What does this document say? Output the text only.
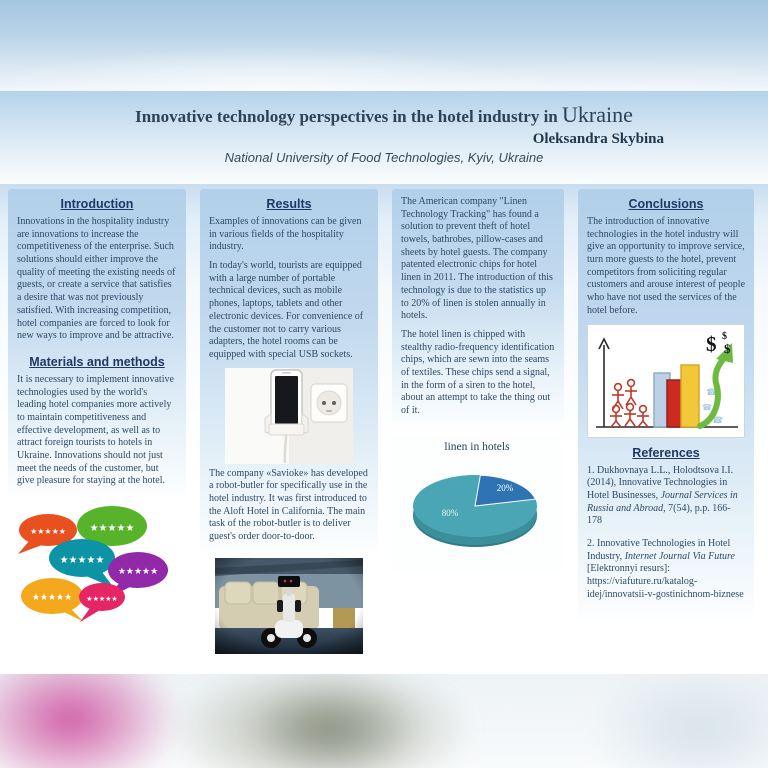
Innovative technology perspectives in the hotel industry in Ukraine
Oleksandra Skybina
National University of Food Technologies, Kyiv, Ukraine
Introduction

Innovations in the hospitality industry are innovations to increase the competitiveness of the enterprise. Such solutions should either improve the quality of meeting the existing needs of guests, or create a service that satisfies a desire that was not previously satisfied. With increasing competition, hotel companies are forced to look for new ways to improve and be attractive.

Materials and methods

It is necessary to implement innovative technologies used by the world's leading hotel companies more actively to maintain competitiveness and effective development, as well as to attract foreign tourists to hotels in Ukraine. Innovations should not just meet the needs of the customer, but give pleasure for staying at the hotel.

★★★★★ ★★★★★
★★★★★
★★★★★
★★★★★ ★★★★★
Results

Examples of innovations can be given in various fields of the hospitality industry.

In today's world, tourists are equipped with a large number of portable technical devices, such as mobile phones, laptops, tablets and other electronic devices. For convenience of the customer not to carry various adapters, the hotel rooms can be equipped with special USB sockets.

The company «Savioke» has developed a robot-butler for specifically use in the hotel industry. It was first introduced to the Aloft Hotel in California. The main task of the robot-butler is to deliver guest's order door-to-door.

The American company "Linen Technology Tracking" has found a solution to prevent theft of hotel towels, bathrobes, pillow-cases and sheets by hotel guests. The company patented electronic chips for hotel linen in 2011. The introduction of this technology is due to the statistics up to 20% of linen is stolen annually in hotels.

The hotel linen is chipped with stealthy radio-frequency identification chips, which are sewn into the seams of textiles. These chips send a signal, in the form of a siren to the hotel, about an attempt to take the thing out of it.

linen in hotels
20%
80%
Conclusions

The introduction of innovative technologies in the hotel industry will give an opportunity to improve service, turn more guests to the hotel, prevent competitors from soliciting regular customers and arouse interest of people who have not used the services of the hotel before.

☎
☎
☎
$ $
$
References

1. Dukhovnaya L.L., Holodtsova I.I. (2014), Innovative Technologies in Hotel Businesses, Journal Services in Russia and Abroad, 7(54), p.p. 166-178

2. Innovative Technologies in Hotel Industry, Internet Journal Via Future [Elektronnyi resurs]: https://viafuture.ru/katalog-idej/innovatsii-v-gostinichnom-biznese
